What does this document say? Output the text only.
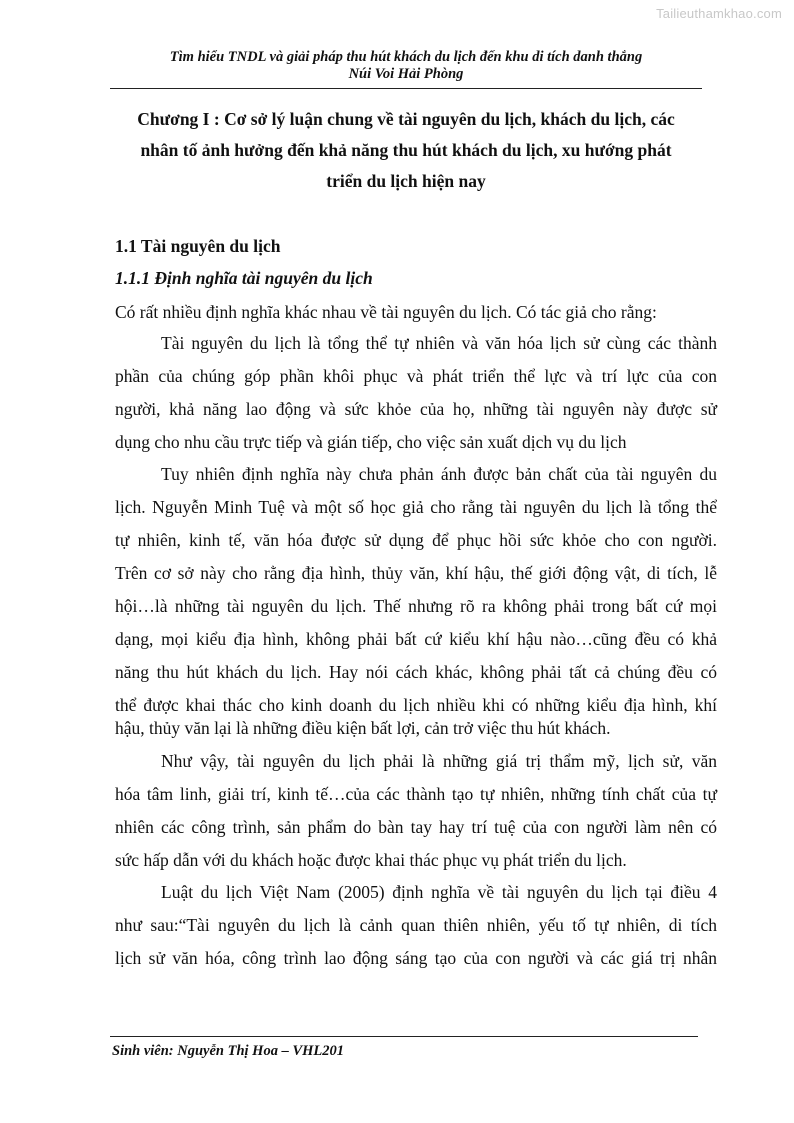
Tailieuthamkhao.com
Tìm hiểu TNDL và giải pháp thu hút khách du lịch đến khu di tích danh thắng
Núi Voi Hải Phòng
Chương I : Cơ sở lý luận chung về tài nguyên du lịch, khách du lịch, các
nhân tố ảnh hưởng đến khả năng thu hút khách du lịch, xu hướng phát
triển du lịch hiện nay
1.1 Tài nguyên du lịch
1.1.1 Định nghĩa tài nguyên du lịch
Có rất nhiều định nghĩa khác nhau về tài nguyên du lịch. Có tác giả cho rằng:
Tài nguyên du lịch là tổng thể tự nhiên và văn hóa lịch sử cùng các thành
phần của chúng góp phần khôi phục và phát triển thể lực và trí lực của con
người, khả năng lao động và sức khỏe của họ, những tài nguyên này được sử
dụng cho nhu cầu trực tiếp và gián tiếp, cho việc sản xuất dịch vụ du lịch
Tuy nhiên định nghĩa này chưa phản ánh được bản chất của tài nguyên du
lịch. Nguyễn Minh Tuệ và một số học giả cho rằng tài nguyên du lịch là tổng thể
tự nhiên, kinh tế, văn hóa được sử dụng để phục hồi sức khỏe cho con người.
Trên cơ sở này cho rằng địa hình, thủy văn, khí hậu, thế giới động vật, di tích, lễ
hội…là những tài nguyên du lịch. Thế nhưng rõ ra không phải trong bất cứ mọi
dạng, mọi kiểu địa hình, không phải bất cứ kiểu khí hậu nào…cũng đều có khả
năng thu hút khách du lịch. Hay nói cách khác, không phải tất cả chúng đều có
thể được khai thác cho kinh doanh du lịch nhiều khi có những kiểu địa hình, khí
hậu, thủy văn lại là những điều kiện bất lợi, cản trở việc thu hút khách.
Như vậy, tài nguyên du lịch phải là những giá trị thẩm mỹ, lịch sử, văn
hóa tâm linh, giải trí, kinh tế…của các thành tạo tự nhiên, những tính chất của tự
nhiên các công trình, sản phẩm do bàn tay hay trí tuệ của con người làm nên có
sức hấp dẫn với du khách hoặc được khai thác phục vụ phát triển du lịch.
Luật du lịch Việt Nam (2005) định nghĩa về tài nguyên du lịch tại điều 4
như sau:“Tài nguyên du lịch là cảnh quan thiên nhiên, yếu tố tự nhiên, di tích
lịch sử văn hóa, công trình lao động sáng tạo của con người và các giá trị nhân
Sinh viên: Nguyễn Thị Hoa – VHL201
